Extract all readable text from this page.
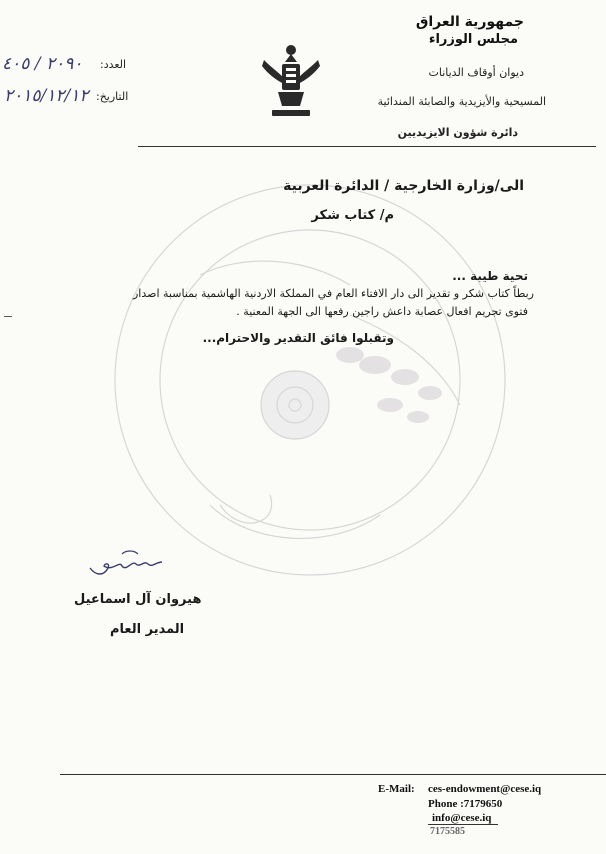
جمهورية العراق
مجلس الوزراء
ديوان أوقاف الديانات
المسيحية والأيزيدية والصابئة المندائية
دائرة شؤون الايزيديين
العدد:
٢٠٩٠ / ٤٠٥
التاريخ:
٢٠١٥/١٢/١٢
الى/وزارة الخارجية / الدائرة العربية
م/ كتاب شكر
تحية طيبة ...
ربطاً كتاب شكر و تقدير الى دار الافتاء العام في المملكة الاردنية الهاشمية بمناسبة اصدار
فتوى تجريم افعال عصابة داعش راجين رفعها الى الجهة المعنية .
وتقبلوا فائق التقدير والاحترام...
هيروان آل اسماعيل
المدير العام
E-Mail: ces-endowment@cese.iq
Phone :7179650
info@cese.iq
7175585
